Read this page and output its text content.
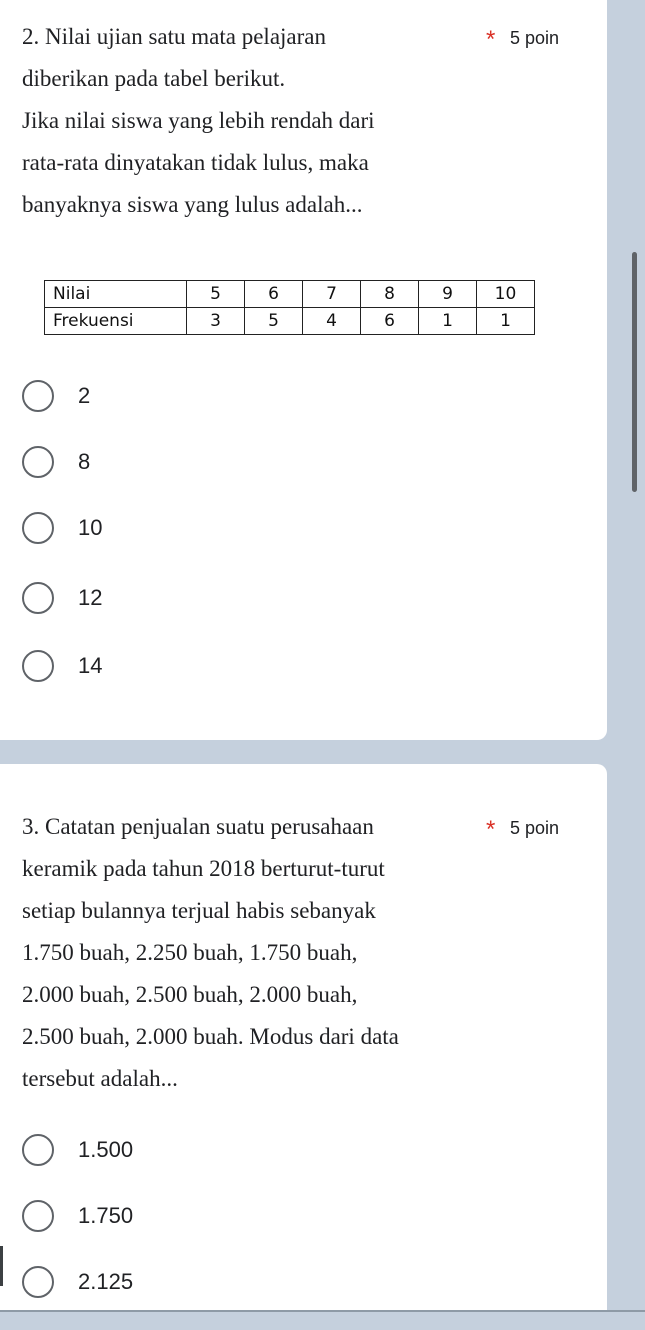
2. Nilai ujian satu mata pelajaran
diberikan pada tabel berikut.
Jika nilai siswa yang lebih rendah dari
rata-rata dinyatakan tidak lulus, maka
banyaknya siswa yang lulus adalah...
* 5 poin
Nilai	5	6	7	8	9	10
Frekuensi	3	5	4	6	1	1
2
8
10
12
14
3. Catatan penjualan suatu perusahaan
keramik pada tahun 2018 berturut-turut
setiap bulannya terjual habis sebanyak
1.750 buah, 2.250 buah, 1.750 buah,
2.000 buah, 2.500 buah, 2.000 buah,
2.500 buah, 2.000 buah. Modus dari data
tersebut adalah...
* 5 poin
1.500
1.750
2.125
